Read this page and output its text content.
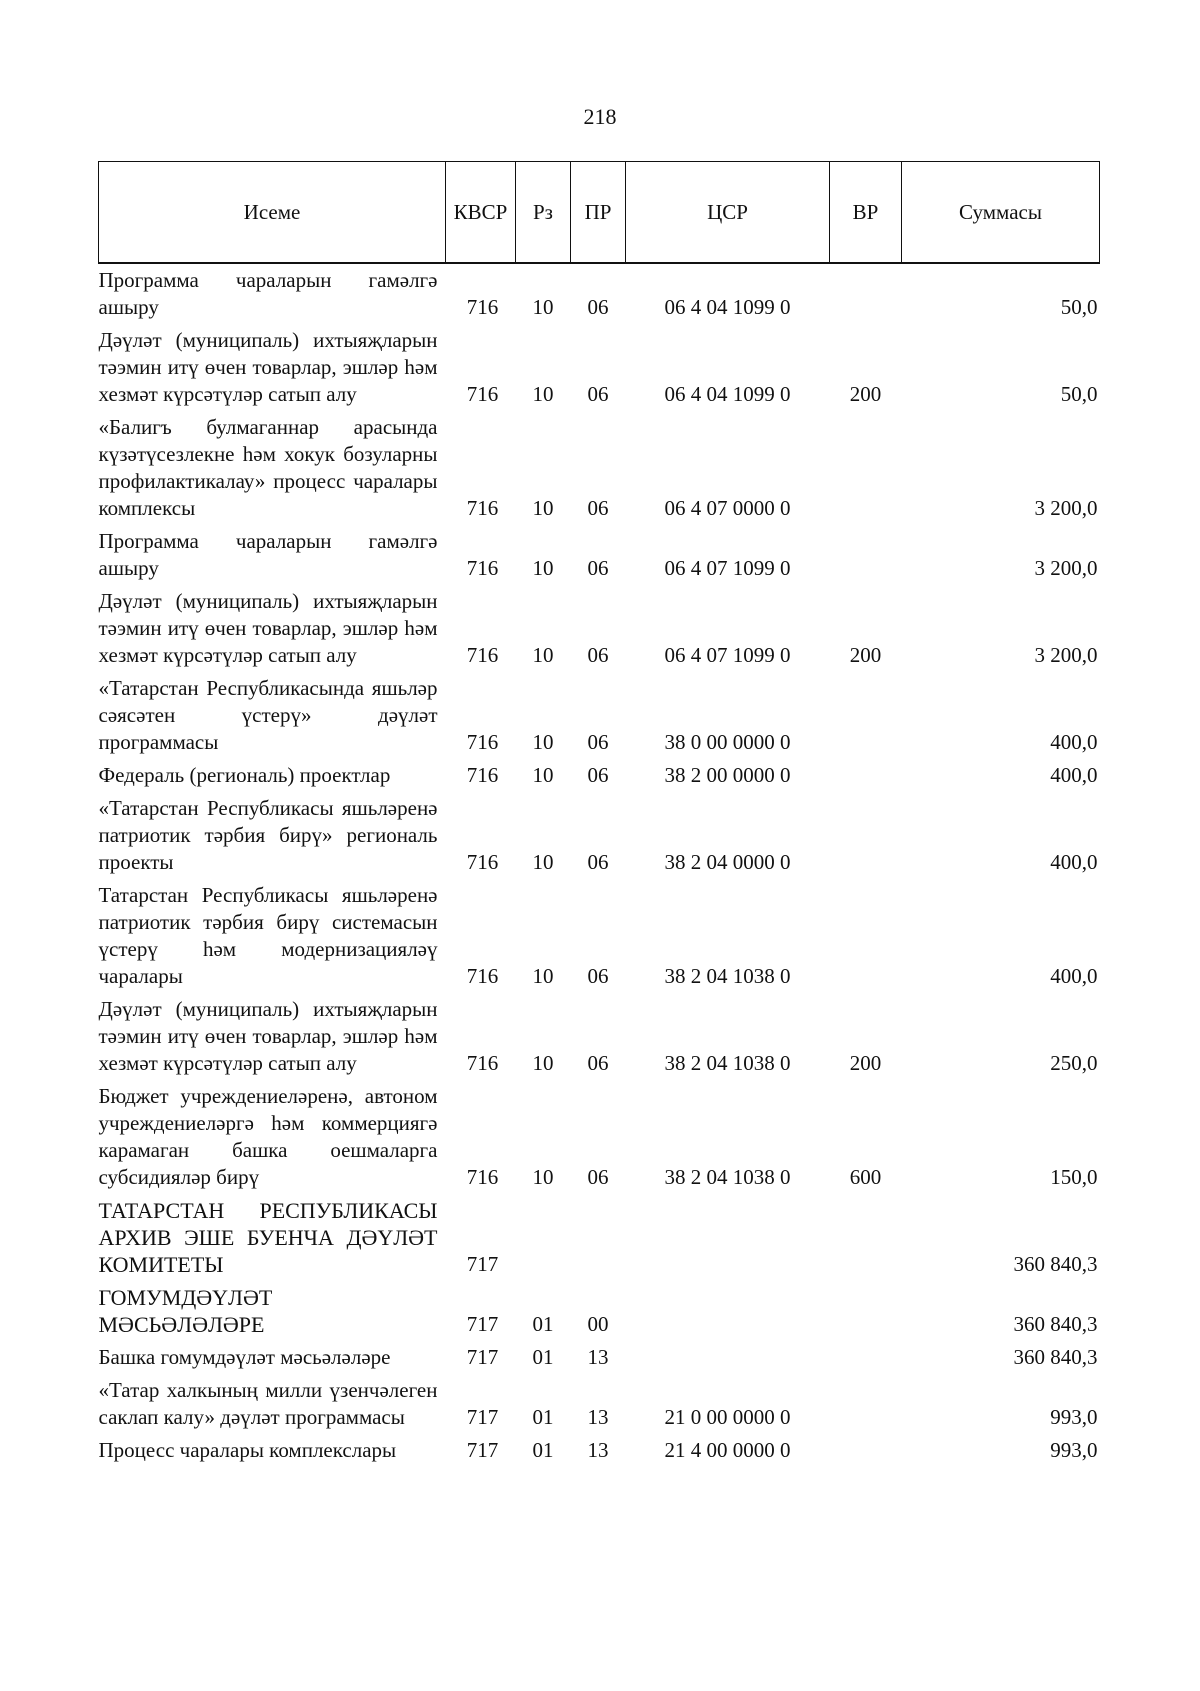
218
Исеме	КВСР	Рз	ПР	ЦСР	ВР	Суммасы
Программа чараларын гамәлгә ашыру	716	10	06	06 4 04 1099 0		50,0
Дәүләт (муниципаль) ихтыяҗларын тәэмин итү өчен товарлар, эшләр һәм хезмәт күрсәтүләр сатып алу	716	10	06	06 4 04 1099 0	200	50,0
«Балигъ булмаганнар арасында күзәтүсезлекне һәм хокук бозуларны профилактикалау» процесс чаралары комплексы	716	10	06	06 4 07 0000 0		3 200,0
Программа чараларын гамәлгә ашыру	716	10	06	06 4 07 1099 0		3 200,0
Дәүләт (муниципаль) ихтыяҗларын тәэмин итү өчен товарлар, эшләр һәм хезмәт күрсәтүләр сатып алу	716	10	06	06 4 07 1099 0	200	3 200,0
«Татарстан Республикасында яшьләр сәясәтен үстерү» дәүләт программасы	716	10	06	38 0 00 0000 0		400,0
Федераль (региональ) проектлар	716	10	06	38 2 00 0000 0		400,0
«Татарстан Республикасы яшьләренә патриотик тәрбия бирү» региональ проекты	716	10	06	38 2 04 0000 0		400,0
Татарстан Республикасы яшьләренә патриотик тәрбия бирү системасын үстерү һәм модернизацияләү чаралары	716	10	06	38 2 04 1038 0		400,0
Дәүләт (муниципаль) ихтыяҗларын тәэмин итү өчен товарлар, эшләр һәм хезмәт күрсәтүләр сатып алу	716	10	06	38 2 04 1038 0	200	250,0
Бюджет учреждениеләренә, автоном учреждениеләргә һәм коммерциягә карамаган башка оешмаларга субсидияләр бирү	716	10	06	38 2 04 1038 0	600	150,0
ТАТАРСТАН РЕСПУБЛИКАСЫ АРХИВ ЭШЕ БУЕНЧА ДӘҮЛӘТ КОМИТЕТЫ	717					360 840,3
ГОМУМДӘҮЛӘТ МӘСЬӘЛӘЛӘРЕ	717	01	00			360 840,3
Башка гомумдәүләт мәсьәләләре	717	01	13			360 840,3
«Татар халкының милли үзенчәлеген саклап калу» дәүләт программасы	717	01	13	21 0 00 0000 0		993,0
Процесс чаралары комплекслары	717	01	13	21 4 00 0000 0		993,0
